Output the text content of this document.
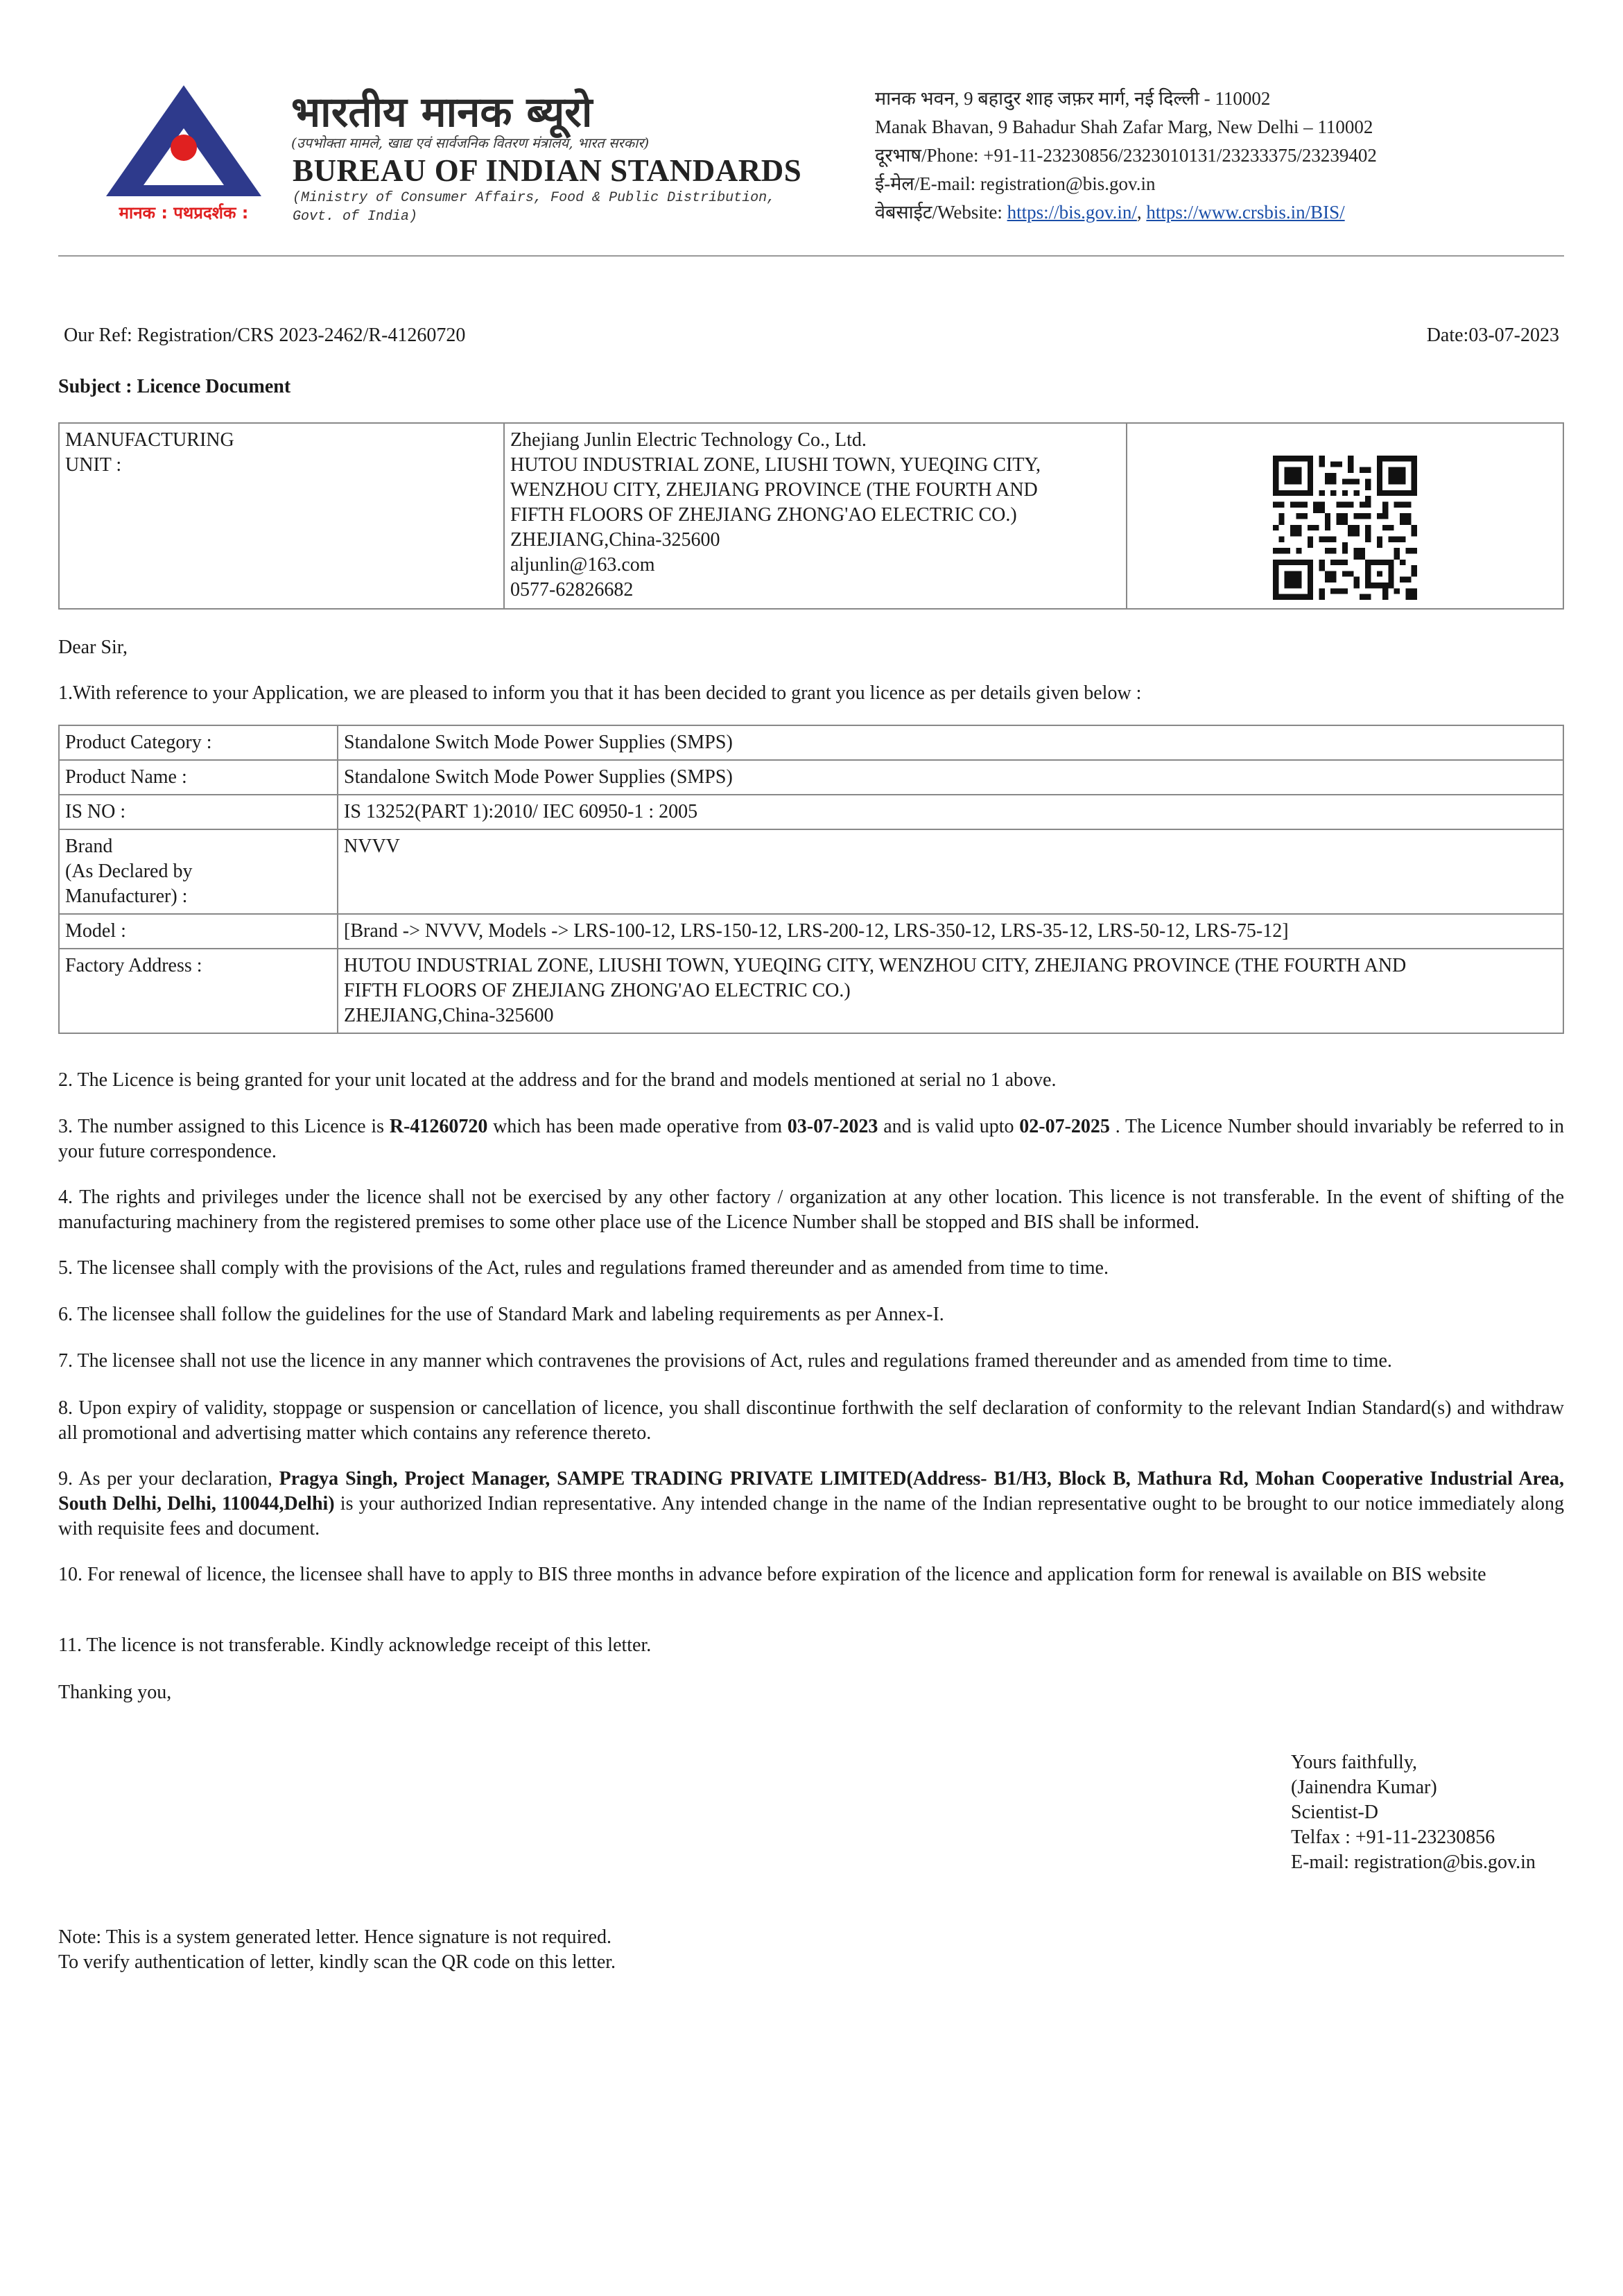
मानक : पथप्रदर्शक :
भारतीय मानक ब्यूरो
(उपभोक्ता मामले, खाद्य एवं सार्वजनिक वितरण मंत्रालय, भारत सरकार)
BUREAU OF INDIAN STANDARDS
(Ministry of Consumer Affairs, Food & Public Distribution,
Govt. of India)
मानक भवन, 9 बहादुर शाह जफ़र मार्ग, नई दिल्ली - 110002
Manak Bhavan, 9 Bahadur Shah Zafar Marg, New Delhi – 110002
दूरभाष/Phone: +91-11-23230856/2323010131/23233375/23239402
ई-मेल/E-mail: registration@bis.gov.in
वेबसाईट/Website: https://bis.gov.in/, https://www.crsbis.in/BIS/
Our Ref: Registration/CRS 2023-2462/R-41260720	Date:03-07-2023
Subject : Licence Document
MANUFACTURING
UNIT :

Zhejiang Junlin Electric Technology Co., Ltd.
HUTOU INDUSTRIAL ZONE, LIUSHI TOWN, YUEQING CITY,
WENZHOU CITY, ZHEJIANG PROVINCE (THE FOURTH AND
FIFTH FLOORS OF ZHEJIANG ZHONG'AO ELECTRIC CO.)
ZHEJIANG,China-325600
aljunlin@163.com
0577-62826682

Dear Sir,
1.With reference to your Application, we are pleased to inform you that it has been decided to grant you licence as per details given below :
Product Category :	Standalone Switch Mode Power Supplies (SMPS)
Product Name :	Standalone Switch Mode Power Supplies (SMPS)
IS NO :	IS 13252(PART 1):2010/ IEC 60950-1 : 2005

Brand
(As Declared by
Manufacturer) :	NVVV
Model :	[Brand -> NVVV, Models -> LRS-100-12, LRS-150-12, LRS-200-12, LRS-350-12, LRS-35-12, LRS-50-12, LRS-75-12]
Factory Address :	HUTOU INDUSTRIAL ZONE, LIUSHI TOWN, YUEQING CITY, WENZHOU CITY, ZHEJIANG PROVINCE (THE FOURTH AND
FIFTH FLOORS OF ZHEJIANG ZHONG'AO ELECTRIC CO.)
ZHEJIANG,China-325600
2. The Licence is being granted for your unit located at the address and for the brand and models mentioned at serial no 1 above.
3. The number assigned to this Licence is R-41260720 which has been made operative from 03-07-2023 and is valid upto 02-07-2025 . The Licence Number should invariably be referred to in your future correspondence.
4. The rights and privileges under the licence shall not be exercised by any other factory / organization at any other location. This licence is not transferable. In the event of shifting of the manufacturing machinery from the registered premises to some other place use of the Licence Number shall be stopped and BIS shall be informed.
5. The licensee shall comply with the provisions of the Act, rules and regulations framed thereunder and as amended from time to time.
6. The licensee shall follow the guidelines for the use of Standard Mark and labeling requirements as per Annex-I.
7. The licensee shall not use the licence in any manner which contravenes the provisions of Act, rules and regulations framed thereunder and as amended from time to time.
8. Upon expiry of validity, stoppage or suspension or cancellation of licence, you shall discontinue forthwith the self declaration of conformity to the relevant Indian Standard(s) and withdraw all promotional and advertising matter which contains any reference thereto.
9. As per your declaration, Pragya Singh, Project Manager, SAMPE TRADING PRIVATE LIMITED(Address- B1/H3, Block B, Mathura Rd, Mohan Cooperative Industrial Area, South Delhi, Delhi, 110044,Delhi) is your authorized Indian representative. Any intended change in the name of the Indian representative ought to be brought to our notice immediately along with requisite fees and document.
10. For renewal of licence, the licensee shall have to apply to BIS three months in advance before expiration of the licence and application form for renewal is available on BIS website
11. The licence is not transferable. Kindly acknowledge receipt of this letter.
Thanking you,
Yours faithfully,
(Jainendra Kumar)
Scientist-D
Telfax : +91-11-23230856
E-mail: registration@bis.gov.in
Note: This is a system generated letter. Hence signature is not required.
To verify authentication of letter, kindly scan the QR code on this letter.
